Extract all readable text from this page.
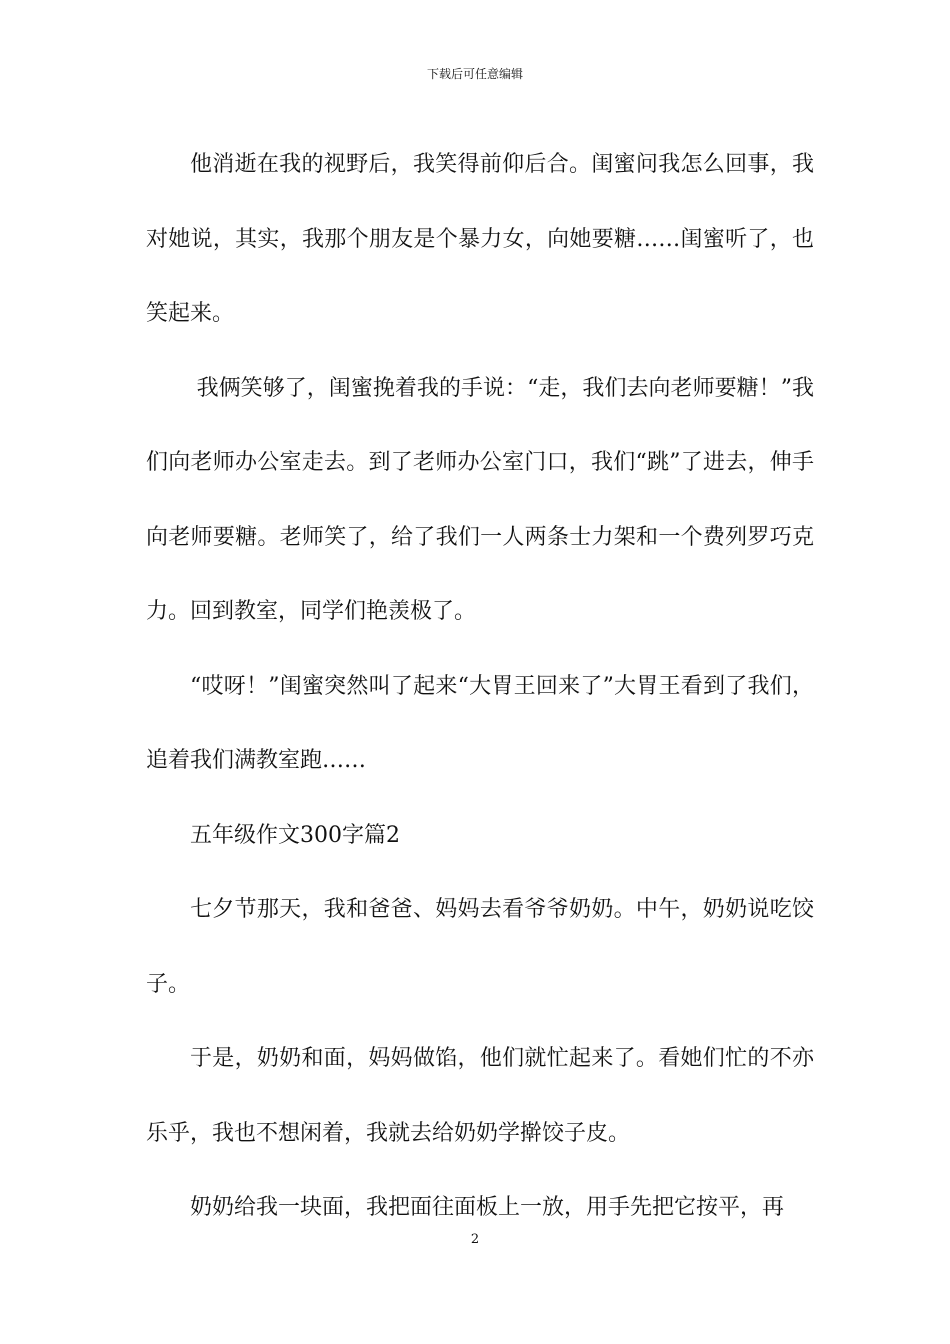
下载后可任意编辑

他消逝在我的视野后，我笑得前仰后合。闺蜜问我怎么回事，我对她说，其实，我那个朋友是个暴力女，向她要糖……闺蜜听了，也笑起来。

我俩笑够了，闺蜜挽着我的手说：“走，我们去向老师要糖！”我们向老师办公室走去。到了老师办公室门口，我们“跳”了进去，伸手向老师要糖。老师笑了，给了我们一人两条士力架和一个费列罗巧克力。回到教室，同学们艳羡极了。

“哎呀！”闺蜜突然叫了起来“大胃王回来了”大胃王看到了我们，追着我们满教室跑……

五年级作文300字篇2

七夕节那天，我和爸爸、妈妈去看爷爷奶奶。中午，奶奶说吃饺子。

于是，奶奶和面，妈妈做馅，他们就忙起来了。看她们忙的不亦乐乎，我也不想闲着，我就去给奶奶学擀饺子皮。

奶奶给我一块面，我把面往面板上一放，用手先把它按平，再

2
